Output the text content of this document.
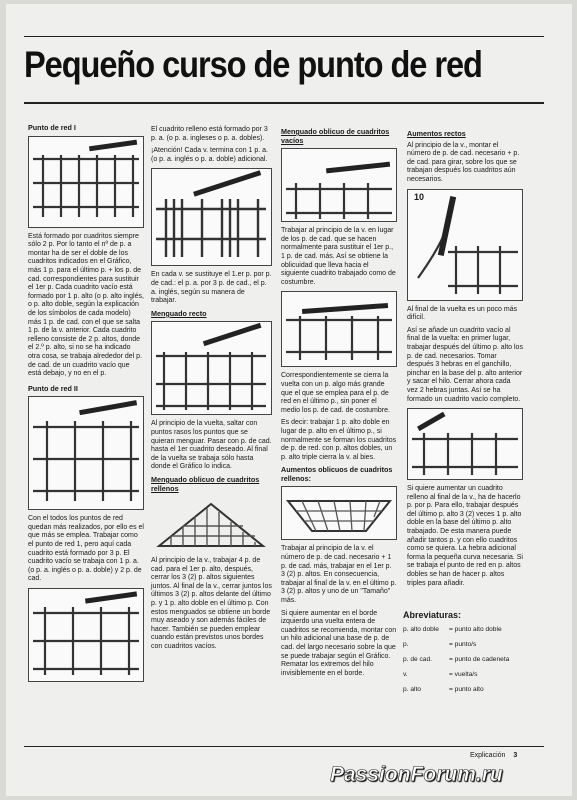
Pequeño curso de punto de red
Punto de red I

Está formado por cuadritos siempre sólo 2 p. Por lo tanto el nº de p. a montar ha de ser el doble de los cuadritos indicados en el Gráfico, más 1 p. para el último p. + los p. de cad. correspondientes para sustituir el 1er p. Cada cuadrito vacío está formado por 1 p. alto (o p. alto inglés, o p. alto doble, según la explicación de los símbolos de cada modelo) más 1 p. de cad. con el que se salta 1 p. de la v. anterior. Cada cuadrito relleno consiste de 2 p. altos, donde el 2.º p. alto, si no se ha indicado otra cosa, se trabaja alrededor del p. de cad. de un cuadrito vacío que está debajo, y no en el p.

Punto de red II

Con el todos los puntos de red quedan más realizados, por ello es el que más se emplea. Trabajar como el punto de red 1, pero aquí cada cuadrito está formado por 3 p. El cuadrito vacío se trabaja con 1 p. a. (o p. a. inglés o p. a. doble) y 2 p. de cad.

El cuadrito relleno está formado por 3 p. a. (o p. a. ingleses o p. a. dobles).

¡Atención! Cada v. termina con 1 p. a. (o p. a. inglés o p. a. doble) adicional.

En cada v. se sustituye el 1.er p. por p. de cad.: el p. a. por 3 p. de cad., el p. a. inglés, según su manera de trabajar.

Menguado recto

Al principio de la vuelta, saltar con puntos rasos los puntos que se quieran menguar. Pasar con p. de cad. hasta el 1er cuadrito deseado. Al final de la vuelta se trabaja sólo hasta donde el Gráfico lo indica.

Menguado oblicuo de cuadritos rellenos

Al principio de la v., trabajar 4 p. de cad. para el 1er p. alto, después, cerrar los 3 (2) p. altos siguientes juntos. Al final de la v., cerrar juntos los últimos 3 (2) p. altos delante del último p. y 1 p. alto doble en el último p. Con estos menguados se obtiene un borde muy aseado y son además fáciles de hacer. También se pueden emplear cuando están previstos unos bordes con cuadritos vacíos.

Menguado oblicuo de cuadritos vacíos

Trabajar al principio de la v. en lugar de los p. de cad. que se hacen normalmente para sustituir el 1er p., 1 p. de cad. más. Así se obtiene la oblicuidad que lleva hacia el siguiente cuadrito trabajado como de costumbre.

Correspondientemente se cierra la vuelta con un p. algo más grande que el que se emplea para el p. de red en el último p., sin poner el medio los p. de cad. de costumbre.

Es decir: trabajar 1 p. alto doble en lugar de p. alto en el último p., si normalmente se forman los cuadritos de p. de red. con p. altos dobles, un p. alto triple cierra la v. al bies.

Aumentos oblicuos de cuadritos rellenos:

Trabajar al principio de la v. el número de p. de cad. necesario + 1 p. de cad. más, trabajar en el 1er p. 3 (2) p. altos. En consecuencia, trabajar al final de la v. en el último p. 3 (2) p. altos y uno de un "Tamaño" más.

Si quiere aumentar en el borde izquierdo una vuelta entera de cuadritos se recomienda, montar con un hilo adicional una base de p. de cad. del largo necesario sobre la que se puede trabajar según el Gráfico. Rematar los extremos del hilo invisiblemente en el borde.

Aumentos rectos

Al principio de la v., montar el número de p. de cad. necesario + p. de cad. para girar, sobre los que se trabajan después los cuadritos aún necesarios.

10

Al final de la vuelta es un poco más difícil.

Así se añade un cuadrito vacío al final de la vuelta: en primer lugar, trabajar después del último p. alto los p. de cad. necesarios. Tomar después 3 hebras en el ganchillo, pinchar en la base del p. alto anterior y sacar el hilo. Cerrar ahora cada vez 2 hebras juntas. Así se ha formado un cuadrito vacío completo.

Si quiere aumentar un cuadrito relleno al final de la v., ha de hacerlo p. por p. Para ello, trabajar después del último p. alto 3 (2) veces 1 p. alto doble en la base del último p. alto trabajado. De esta manera puede añadir tantos p. y con ello cuadritos como se quiera. La hebra adicional forma la pequeña curva necesaria. Si se trabaja el punto de red en p. altos dobles se han de hacer p. altos triples para añadir.

Abreviaturas:
p. alto doble	= punto alto doble
p.	= punto/s
p. de cad.	= punto de cadeneta
v.	= vuelta/s
p. alto	= punto alto
Explicación 3
PassionForum.ru
